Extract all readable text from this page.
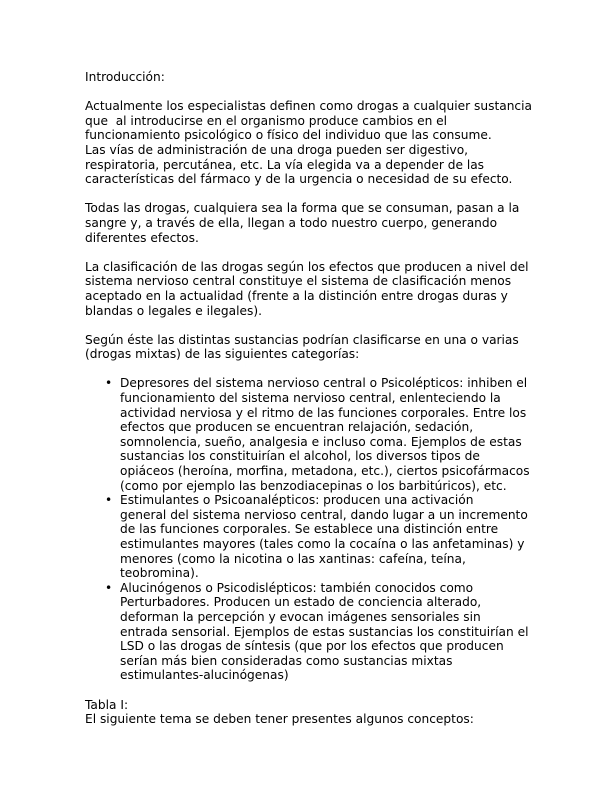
Introducción:
Actualmente los especialistas definen como drogas a cualquier sustancia
que  al introducirse en el organismo produce cambios en el
funcionamiento psicológico o físico del individuo que las consume.
Las vías de administración de una droga pueden ser digestivo,
respiratoria, percutánea, etc. La vía elegida va a depender de las
características del fármaco y de la urgencia o necesidad de su efecto.
Todas las drogas, cualquiera sea la forma que se consuman, pasan a la
sangre y, a través de ella, llegan a todo nuestro cuerpo, generando
diferentes efectos.
La clasificación de las drogas según los efectos que producen a nivel del
sistema nervioso central constituye el sistema de clasificación menos
aceptado en la actualidad (frente a la distinción entre drogas duras y
blandas o legales e ilegales).
Según éste las distintas sustancias podrían clasificarse en una o varias
(drogas mixtas) de las siguientes categorías:
• Depresores del sistema nervioso central o Psicolépticos: inhiben el
funcionamiento del sistema nervioso central, enlenteciendo la
actividad nerviosa y el ritmo de las funciones corporales. Entre los
efectos que producen se encuentran relajación, sedación,
somnolencia, sueño, analgesia e incluso coma. Ejemplos de estas
sustancias los constituirían el alcohol, los diversos tipos de
opiáceos (heroína, morfina, metadona, etc.), ciertos psicofármacos
(como por ejemplo las benzodiacepinas o los barbitúricos), etc.
• Estimulantes o Psicoanalépticos: producen una activación
general del sistema nervioso central, dando lugar a un incremento
de las funciones corporales. Se establece una distinción entre
estimulantes mayores (tales como la cocaína o las anfetaminas) y
menores (como la nicotina o las xantinas: cafeína, teína,
teobromina).
• Alucinógenos o Psicodislépticos: también conocidos como
Perturbadores. Producen un estado de conciencia alterado,
deforman la percepción y evocan imágenes sensoriales sin
entrada sensorial. Ejemplos de estas sustancias los constituirían el
LSD o las drogas de síntesis (que por los efectos que producen
serían más bien consideradas como sustancias mixtas
estimulantes-alucinógenas)
Tabla I:
El siguiente tema se deben tener presentes algunos conceptos:
